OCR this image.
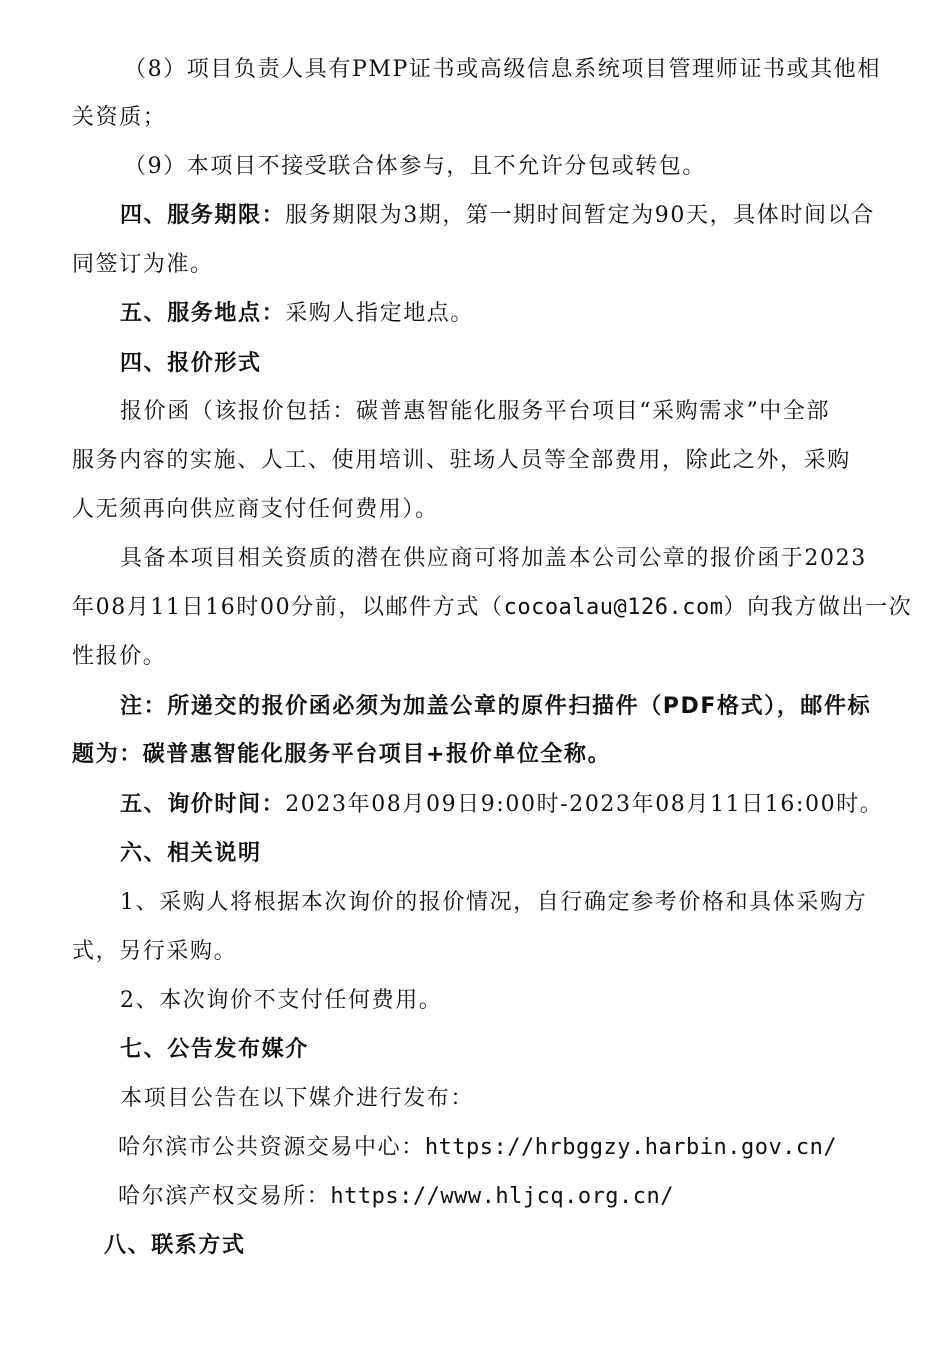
（8）项目负责人具有PMP证书或高级信息系统项目管理师证书或其他相
关资质；
（9）本项目不接受联合体参与，且不允许分包或转包。
四、服务期限：服务期限为3期，第一期时间暂定为90天，具体时间以合
同签订为准。
五、服务地点：采购人指定地点。
四、报价形式
报价函（该报价包括：碳普惠智能化服务平台项目“采购需求”中全部
服务内容的实施、人工、使用培训、驻场人员等全部费用，除此之外，采购
人无须再向供应商支付任何费用）。
具备本项目相关资质的潜在供应商可将加盖本公司公章的报价函于2023
年08月11日16时00分前，以邮件方式（cocoalau@126.com）向我方做出一次
性报价。
注：所递交的报价函必须为加盖公章的原件扫描件（PDF格式），邮件标
题为：碳普惠智能化服务平台项目+报价单位全称。
五、询价时间：2023年08月09日9:00时-2023年08月11日16:00时。
六、相关说明
1、采购人将根据本次询价的报价情况，自行确定参考价格和具体采购方
式，另行采购。
2、本次询价不支付任何费用。
七、公告发布媒介
本项目公告在以下媒介进行发布：
哈尔滨市公共资源交易中心：https://hrbggzy.harbin.gov.cn/
哈尔滨产权交易所：https://www.hljcq.org.cn/
八、联系方式
